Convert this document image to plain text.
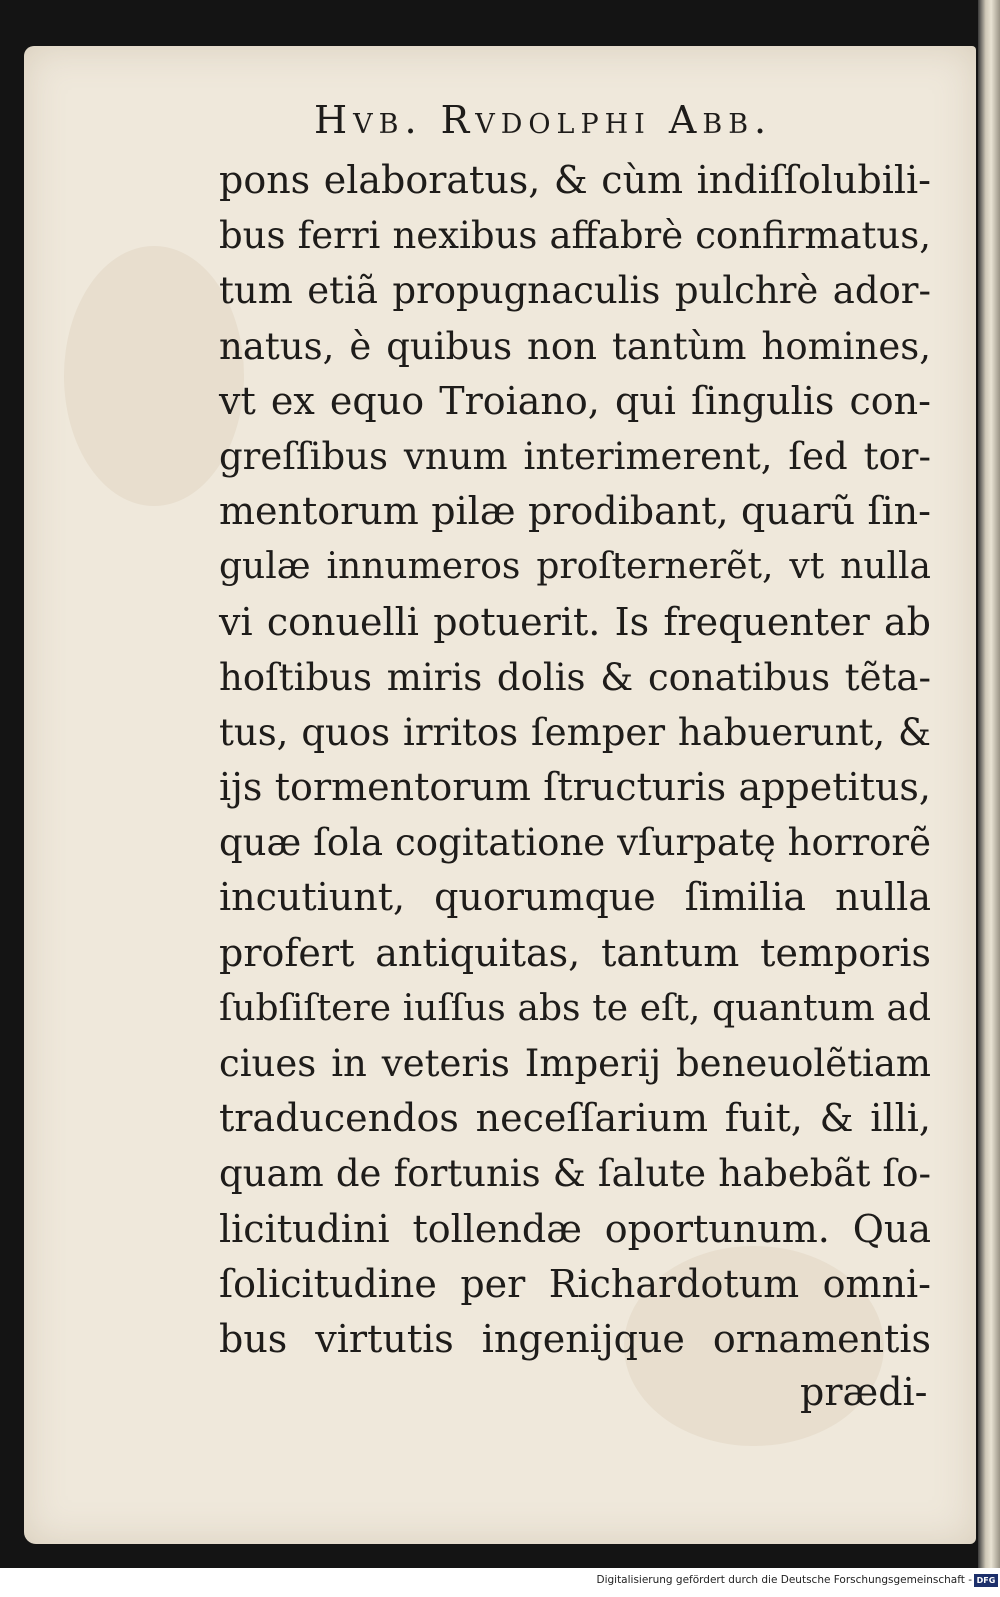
Hvb. Rvdolphi Abb.
pons elaboratus, & cùm indiſſolubili-
bus ferri nexibus affabrè confirmatus,
tum etiã propugnaculis pulchrè ador-
natus, è quibus non tantùm homines,
vt ex equo Troiano, qui ſingulis con-
greſſibus vnum interimerent, ſed tor-
mentorum pilæ prodibant, quarũ ſin-
gulæ innumeros proſternerẽt, vt nulla
vi conuelli potuerit. Is frequenter ab
hoſtibus miris dolis & conatibus tẽta-
tus, quos irritos ſemper habuerunt, &
ijs tormentorum ſtructuris appetitus,
quæ ſola cogitatione vſurpatę horrorẽ
incutiunt, quorumque ſimilia nulla
profert antiquitas, tantum temporis
ſubſiſtere iuſſus abs te eſt, quantum ad
ciues in veteris Imperij beneuolẽtiam
traducendos neceſſarium fuit, & illi,
quam de fortunis & ſalute habebãt ſo-
licitudini tollendæ oportunum. Qua
ſolicitudine per Richardotum omni-
bus virtutis ingenijque ornamentis

prædi-

Digitalisierung gefördert durch die Deutsche Forschungsgemeinschaft - DFG
